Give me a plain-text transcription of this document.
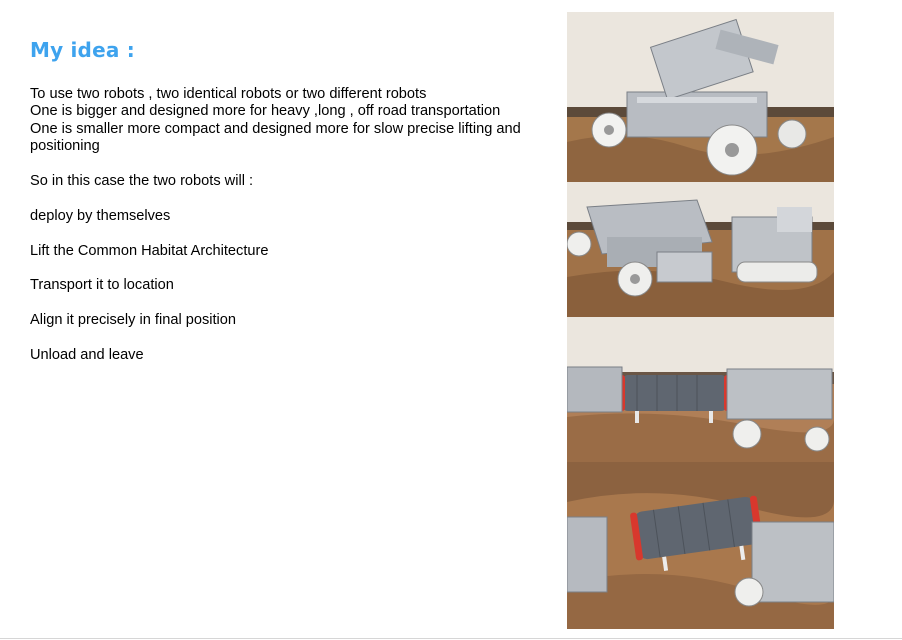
My idea :

To use two robots , two identical robots or two different robots

One is bigger and designed more for heavy ,long , off road transportation

One is smaller more compact and designed more for slow precise lifting and positioning

So in this case the two robots will :

deploy by themselves

Lift the Common Habitat Architecture

Transport it to location

Align it precisely in final position

Unload and leave
